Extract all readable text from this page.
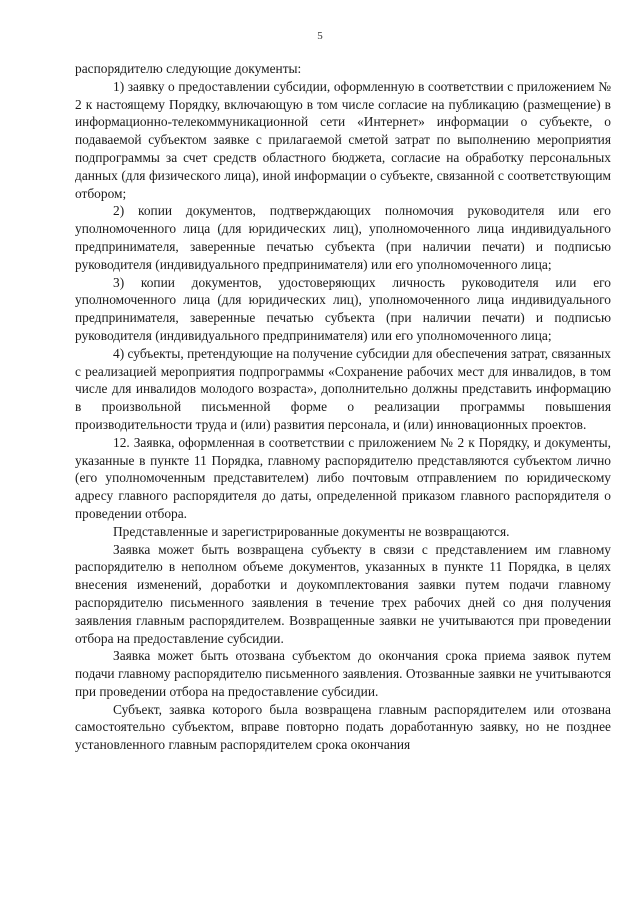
5

распорядителю следующие документы:

1) заявку о предоставлении субсидии, оформленную в соответствии с приложением № 2 к настоящему Порядку, включающую в том числе согласие на публикацию (размещение) в информационно-телекоммуникационной сети «Интернет» информации о субъекте, о подаваемой субъектом заявке с прилагаемой сметой затрат по выполнению мероприятия подпрограммы за счет средств областного бюджета, согласие на обработку персональных данных (для физического лица), иной информации о субъекте, связанной с соответствующим отбором;

2) копии документов, подтверждающих полномочия руководителя или его уполномоченного лица (для юридических лиц), уполномоченного лица индивидуального предпринимателя, заверенные печатью субъекта (при наличии печати) и подписью руководителя (индивидуального предпринимателя) или его уполномоченного лица;

3) копии документов, удостоверяющих личность руководителя или его уполномоченного лица (для юридических лиц), уполномоченного лица индивидуального предпринимателя, заверенные печатью субъекта (при наличии печати) и подписью руководителя (индивидуального предпринимателя) или его уполномоченного лица;

4) субъекты, претендующие на получение субсидии для обеспечения затрат, связанных с реализацией мероприятия подпрограммы «Сохранение рабочих мест для инвалидов, в том числе для инвалидов молодого возраста», дополнительно должны представить информацию в произвольной письменной форме о реализации программы повышения производительности труда и (или) развития персонала, и (или) инновационных проектов.

12. Заявка, оформленная в соответствии с приложением № 2 к Порядку, и документы, указанные в пункте 11 Порядка, главному распорядителю представляются субъектом лично (его уполномоченным представителем) либо почтовым отправлением по юридическому адресу главного распорядителя до даты, определенной приказом главного распорядителя о проведении отбора.

Представленные и зарегистрированные документы не возвращаются.

Заявка может быть возвращена субъекту в связи с представлением им главному распорядителю в неполном объеме документов, указанных в пункте 11 Порядка, в целях внесения изменений, доработки и доукомплектования заявки путем подачи главному распорядителю письменного заявления в течение трех рабочих дней со дня получения заявления главным распорядителем. Возвращенные заявки не учитываются при проведении отбора на предоставление субсидии.

Заявка может быть отозвана субъектом до окончания срока приема заявок путем подачи главному распорядителю письменного заявления. Отозванные заявки не учитываются при проведении отбора на предоставление субсидии.

Субъект, заявка которого была возвращена главным распорядителем или отозвана самостоятельно субъектом, вправе повторно подать доработанную заявку, но не позднее установленного главным распорядителем срока окончания
